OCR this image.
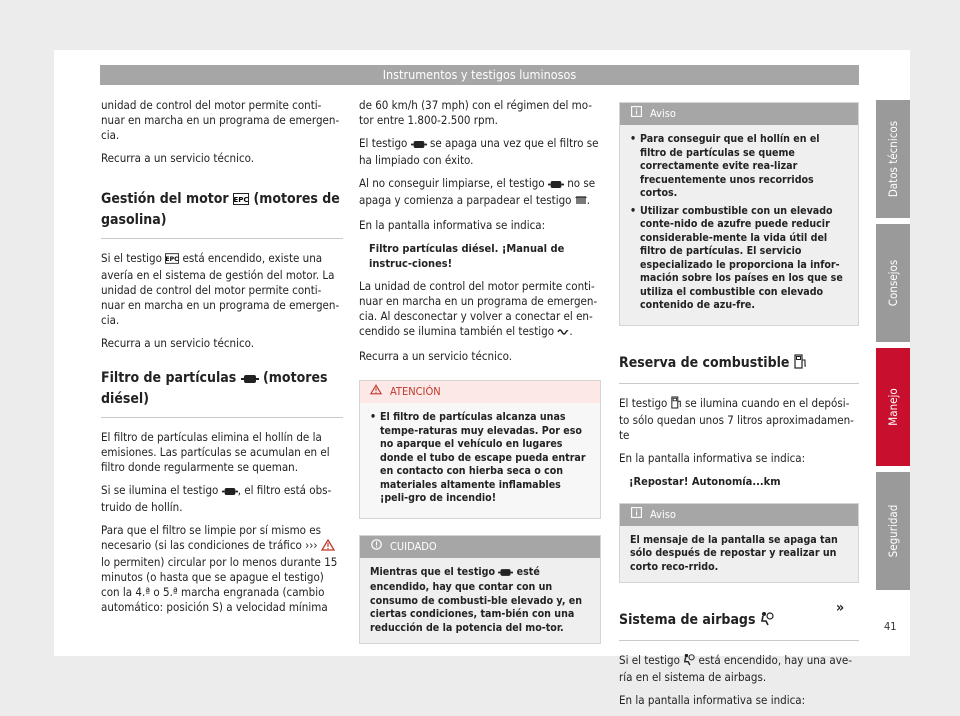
Instrumentos y testigos luminosos

unidad de control del motor permite conti-nuar en marcha en un programa de emergen-cia.

Recurra a un servicio técnico.

Gestión del motor EPC (motores de gasolina)

Si el testigo EPC está encendido, existe una avería en el sistema de gestión del motor. La unidad de control del motor permite conti-nuar en marcha en un programa de emergen-cia.

Recurra a un servicio técnico.

Filtro de partículas (motores diésel)

El filtro de partículas elimina el hollín de la emisiones. Las partículas se acumulan en el filtro donde regularmente se queman.

Si se ilumina el testigo , el filtro está obs-truido de hollín.

Para que el filtro se limpie por sí mismo es necesario (si las condiciones de tráfico ›››  lo permiten) circular por lo menos durante 15 minutos (o hasta que se apague el testigo) con la 4.ª o 5.ª marcha engranada (cambio automático: posición S) a velocidad mínima

de 60 km/h (37 mph) con el régimen del mo-tor entre 1.800-2.500 rpm.

El testigo se apaga una vez que el filtro se ha limpiado con éxito.

Al no conseguir limpiarse, el testigo no se apaga y comienza a parpadear el testigo .

En la pantalla informativa se indica:

Filtro partículas diésel. ¡Manual de instruc-ciones!

La unidad de control del motor permite conti-nuar en marcha en un programa de emergen-cia. Al desconectar y volver a conectar el en-cendido se ilumina también el testigo .

Recurra a un servicio técnico.

ATENCIÓN
• El filtro de partículas alcanza unas tempe-raturas muy elevadas. Por eso no aparque el vehículo en lugares donde el tubo de escape pueda entrar en contacto con hierba seca o con materiales altamente inflamables ¡peli-gro de incendio!
CUIDADO
Mientras que el testigo esté encendido, hay que contar con un consumo de combusti-ble elevado y, en ciertas condiciones, tam-bién con una reducción de la potencia del mo-tor.
Aviso
• Para conseguir que el hollín en el filtro de partículas se queme correctamente evite rea-lizar frecuentemente unos recorridos cortos.
• Utilizar combustible con un elevado conte-nido de azufre puede reducir considerable-mente la vida útil del filtro de partículas. El servicio especializado le proporciona la infor-mación sobre los países en los que se utiliza el combustible con elevado contenido de azu-fre.
Reserva de combustible

El testigo se ilumina cuando en el depósi-to sólo quedan unos 7 litros aproximadamen-te

En la pantalla informativa se indica:

¡Repostar! Autonomía...km
Aviso
El mensaje de la pantalla se apaga tan sólo después de repostar y realizar un corto reco-rrido.
Sistema de airbags

Si el testigo está encendido, hay una ave-ría en el sistema de airbags.

En la pantalla informativa se indica:

»
Datos técnicos
Consejos
Manejo
Seguridad
41
